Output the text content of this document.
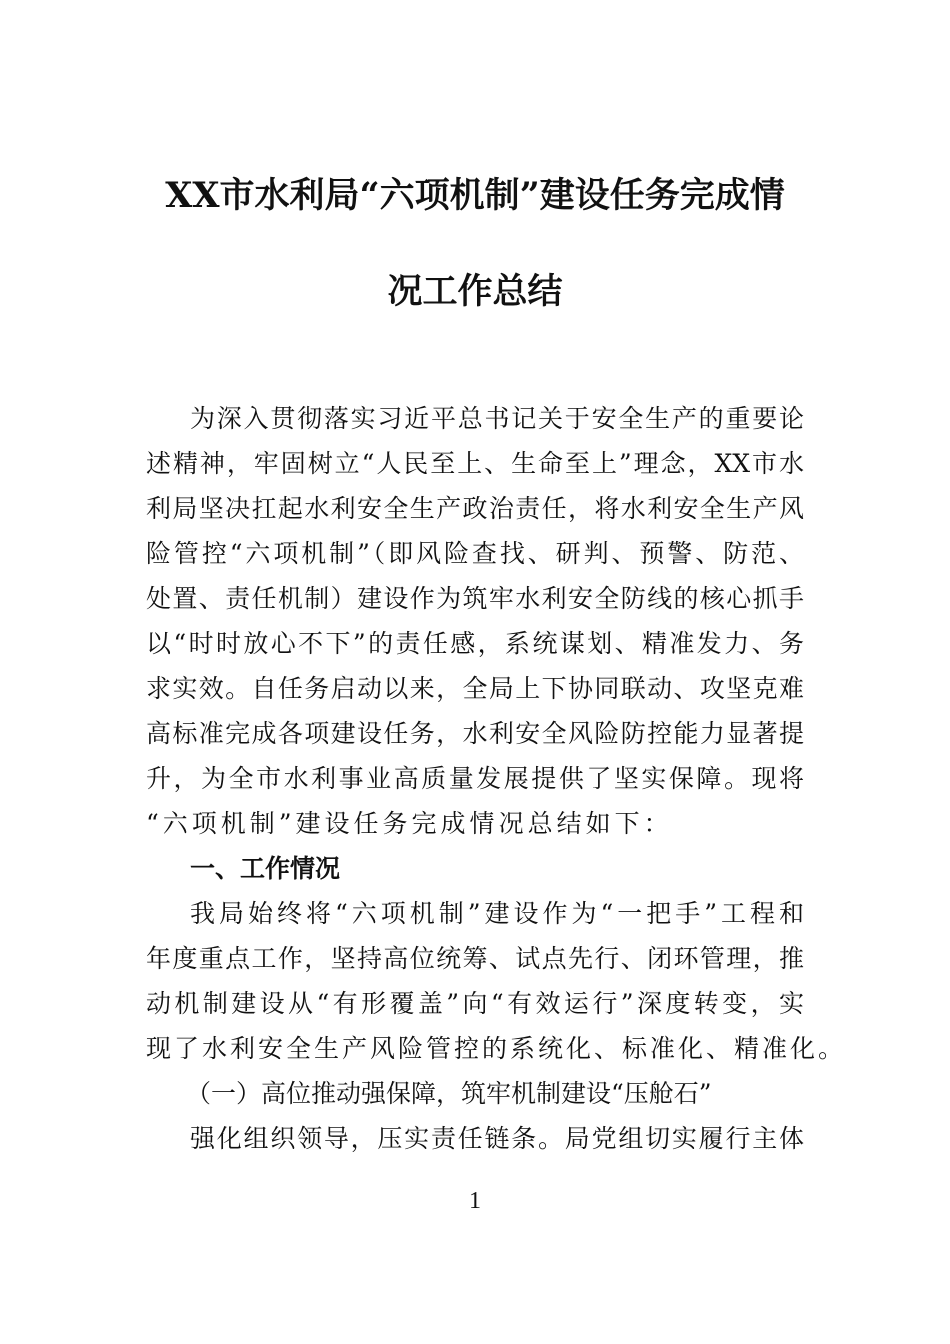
XX市水利局“六项机制”建设任务完成情
况工作总结
为深入贯彻落实习近平总书记关于安全生产的重要论
述精神，牢固树立“人民至上、生命至上”理念，XX市水
利局坚决扛起水利安全生产政治责任，将水利安全生产风
险管控“六项机制”（即风险查找、研判、预警、防范、
处置、责任机制）建设作为筑牢水利安全防线的核心抓手
以“时时放心不下”的责任感，系统谋划、精准发力、务
求实效。自任务启动以来，全局上下协同联动、攻坚克难
高标准完成各项建设任务，水利安全风险防控能力显著提
升，为全市水利事业高质量发展提供了坚实保障。现将
“六项机制”建设任务完成情况总结如下：
一、工作情况
我局始终将“六项机制”建设作为“一把手”工程和
年度重点工作，坚持高位统筹、试点先行、闭环管理，推
动机制建设从“有形覆盖”向“有效运行”深度转变，实
现了水利安全生产风险管控的系统化、标准化、精准化。
（一）高位推动强保障，筑牢机制建设“压舱石”
强化组织领导，压实责任链条。局党组切实履行主体
1
